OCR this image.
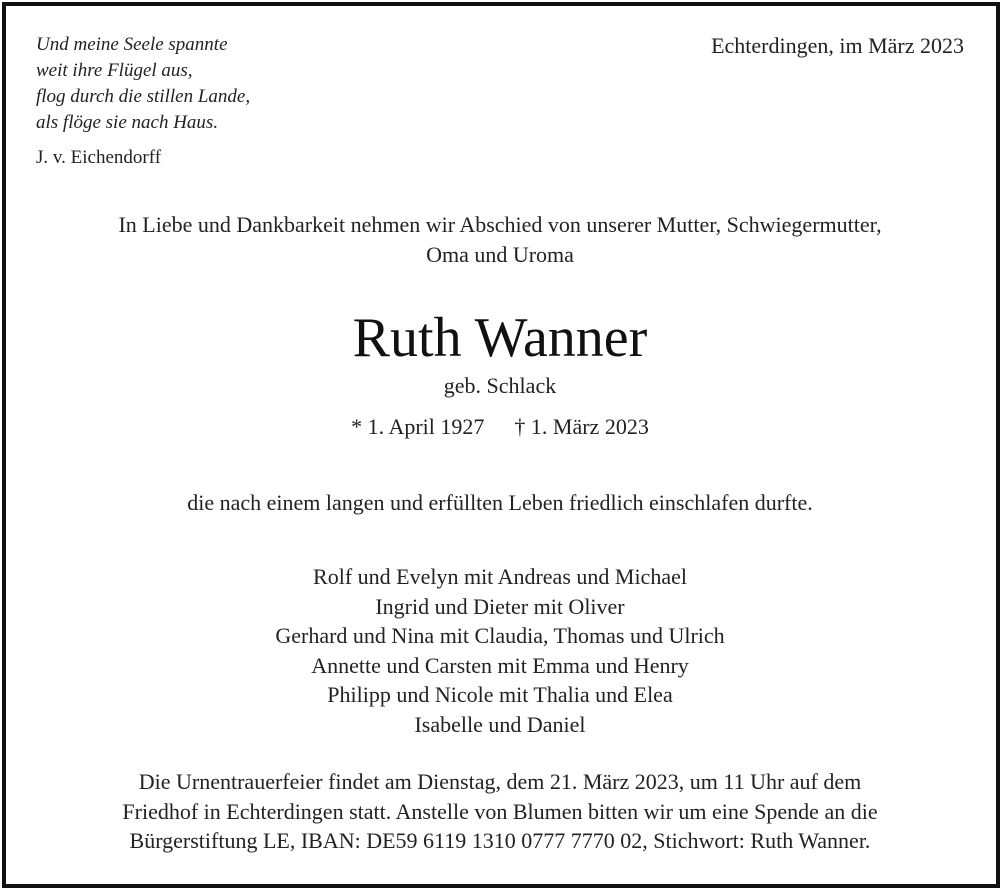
Und meine Seele spannte
weit ihre Flügel aus,
flog durch die stillen Lande,
als flöge sie nach Haus.
J. v. Eichendorff
Echterdingen, im März 2023
In Liebe und Dankbarkeit nehmen wir Abschied von unserer Mutter, Schwiegermutter,
Oma und Uroma
Ruth Wanner
geb. Schlack
* 1. April 1927 † 1. März 2023
die nach einem langen und erfüllten Leben friedlich einschlafen durfte.
Rolf und Evelyn mit Andreas und Michael
Ingrid und Dieter mit Oliver
Gerhard und Nina mit Claudia, Thomas und Ulrich
Annette und Carsten mit Emma und Henry
Philipp und Nicole mit Thalia und Elea
Isabelle und Daniel
Die Urnentrauerfeier findet am Dienstag, dem 21. März 2023, um 11 Uhr auf dem
Friedhof in Echterdingen statt. Anstelle von Blumen bitten wir um eine Spende an die
Bürgerstiftung LE, IBAN: DE59 6119 1310 0777 7770 02, Stichwort: Ruth Wanner.
